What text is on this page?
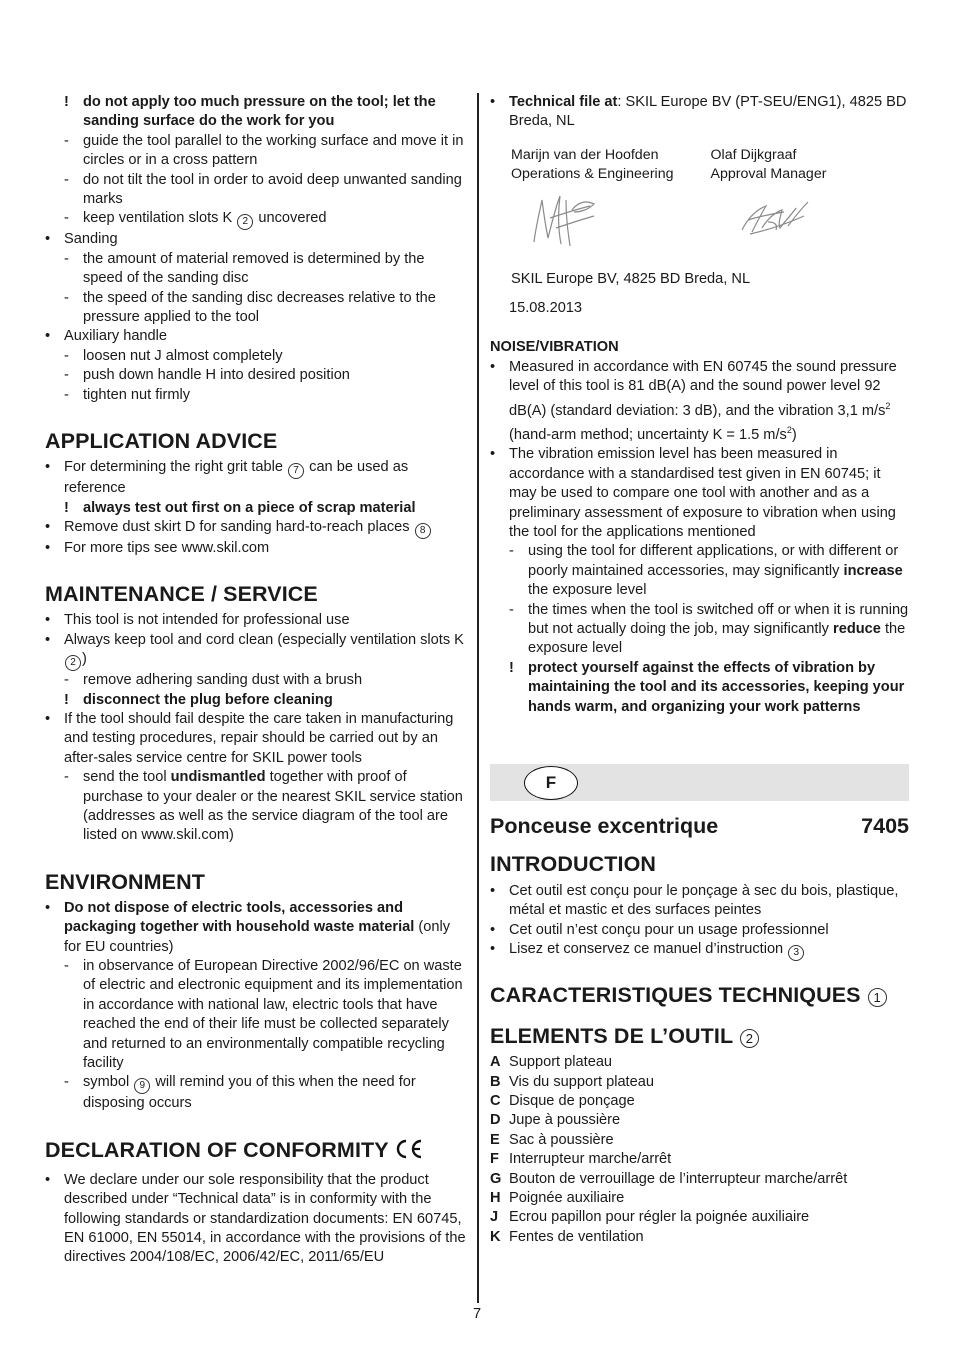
! do not apply too much pressure on the tool; let the sanding surface do the work for you
- guide the tool parallel to the working surface and move it in circles or in a cross pattern
- do not tilt the tool in order to avoid deep unwanted sanding marks
- keep ventilation slots K 2 uncovered
• Sanding
- the amount of material removed is determined by the speed of the sanding disc
- the speed of the sanding disc decreases relative to the pressure applied to the tool
• Auxiliary handle
- loosen nut J almost completely
- push down handle H into desired position
- tighten nut firmly
APPLICATION ADVICE
• For determining the right grit table 7 can be used as reference
! always test out first on a piece of scrap material
• Remove dust skirt D for sanding hard-to-reach places 8
• For more tips see www.skil.com
MAINTENANCE / SERVICE
• This tool is not intended for professional use
• Always keep tool and cord clean (especially ventilation slots K2 )
- remove adhering sanding dust with a brush
! disconnect the plug before cleaning
• If the tool should fail despite the care taken in manufacturing and testing procedures, repair should be carried out by an after-sales service centre for SKIL power tools
- send the tool undismantled together with proof of purchase to your dealer or the nearest SKIL service station (addresses as well as the service diagram of the tool are listed on www.skil.com)
ENVIRONMENT
• Do not dispose of electric tools, accessories and packaging together with household waste material (only for EU countries)
- in observance of European Directive 2002/96/EC on waste of electric and electronic equipment and its implementation in accordance with national law, electric tools that have reached the end of their life must be collected separately and returned to an environmentally compatible recycling facility
- symbol 9 will remind you of this when the need for disposing occurs
DECLARATION OF CONFORMITY
• We declare under our sole responsibility that the product described under “Technical data” is in conformity with the following standards or standardization documents: EN 60745, EN 61000, EN 55014, in accordance with the provisions of the directives 2004/108/EC, 2006/42/EC, 2011/65/EU
• Technical file at: SKIL Europe BV (PT-SEU/ENG1), 4825 BD Breda, NL
Marijn van der Hoofden
Operations & Engineering
Olaf Dijkgraaf
Approval Manager
SKIL Europe BV, 4825 BD Breda, NL
15.08.2013
NOISE/VIBRATION
• Measured in accordance with EN 60745 the sound pressure level of this tool is 81 dB(A) and the sound power level 92 dB(A) (standard deviation: 3 dB), and the vibration 3,1 $m/s^2$ (hand-arm method; uncertainty K = 1.5 $m/s^2$)
• The vibration emission level has been measured in accordance with a standardised test given in EN 60745; it may be used to compare one tool with another and as a preliminary assessment of exposure to vibration when using the tool for the applications mentioned
- using the tool for different applications, or with different or poorly maintained accessories, may significantly increase the exposure level
- the times when the tool is switched off or when it is running but not actually doing the job, may significantly reduce the exposure level
! protect yourself against the effects of vibration by maintaining the tool and its accessories, keeping your hands warm, and organizing your work patterns
F
Ponceuse excentrique	7405
INTRODUCTION
• Cet outil est conçu pour le ponçage à sec du bois, plastique, métal et mastic et des surfaces peintes
• Cet outil n’est conçu pour un usage professionnel
• Lisez et conservez ce manuel d’instruction 3
CARACTERISTIQUES TECHNIQUES 1
ELEMENTS DE L’OUTIL 2
A Support plateau
B Vis du support plateau
C Disque de ponçage
D Jupe à poussière
E Sac à poussière
F Interrupteur marche/arrêt
G Bouton de verrouillage de l’interrupteur marche/arrêt
H Poignée auxiliaire
J Ecrou papillon pour régler la poignée auxiliaire
K Fentes de ventilation
7
